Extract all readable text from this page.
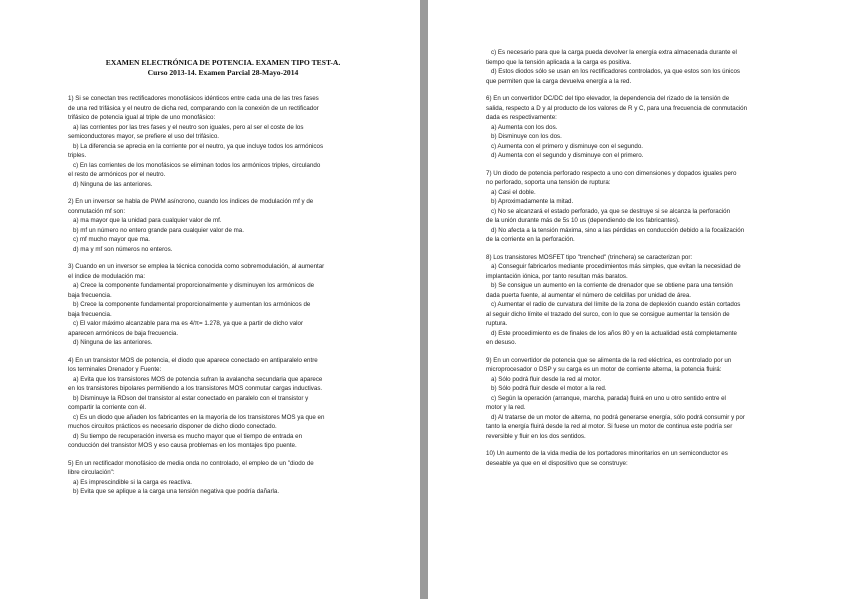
EXAMEN ELECTRÓNICA DE POTENCIA. EXAMEN TIPO TEST-A.
Curso 2013-14. Examen Parcial 28-Mayo-2014

1) Si se conectan tres rectificadores monofásicos idénticos entre cada una de las tres fases

de una red trifásica y el neutro de dicha red, comparando con la conexión de un rectificador

trifásico de potencia igual al triple de uno monofásico:

a) las corrientes por las tres fases y el neutro son iguales, pero al ser el coste de los

semiconductores mayor, se prefiere el uso del trifásico.

b) La diferencia se aprecia en la corriente por el neutro, ya que incluye todos los armónicos

triples.

c) En las corrientes de los monofásicos se eliminan todos los armónicos triples, circulando

el resto de armónicos por el neutro.

d) Ninguna de las anteriores.

2) En un inversor se habla de PWM asíncrono, cuando los índices de modulación mf y de

conmutación mf son:

a) ma mayor que la unidad para cualquier valor de mf.

b) mf un número no entero grande para cualquier valor de ma.

c) mf mucho mayor que ma.

d) ma y mf son números no enteros.

3) Cuando en un inversor se emplea la técnica conocida como sobremodulación, al aumentar

el índice de modulación ma:

a) Crece la componente fundamental proporcionalmente y disminuyen los armónicos de

baja frecuencia.

b) Crece la componente fundamental proporcionalmente y aumentan los armónicos de

baja frecuencia.

c) El valor máximo alcanzable para ma es 4/π= 1.278, ya que a partir de dicho valor

aparecen armónicos de baja frecuencia.

d) Ninguna de las anteriores.

4) En un transistor MOS de potencia, el diodo que aparece conectado en antiparalelo entre

los terminales Drenador y Fuente:

a) Evita que los transistores MOS de potencia sufran la avalancha secundaria que aparece

en los transistores bipolares permitiendo a los transistores MOS conmutar cargas inductivas.

b) Disminuye la RDson del transistor al estar conectado en paralelo con el transistor y

compartir la corriente con él.

c) Es un diodo que añaden los fabricantes en la mayoría de los transistores MOS ya que en

muchos circuitos prácticos es necesario disponer de dicho diodo conectado.

d) Su tiempo de recuperación inversa es mucho mayor que el tiempo de entrada en

conducción del transistor MOS y eso causa problemas en los montajes tipo puente.

5) En un rectificador monofásico de media onda no controlado, el empleo de un "diodo de

libre circulación":

a) Es imprescindible si la carga es reactiva.

b) Evita que se aplique a la carga una tensión negativa que podría dañarla.

c) Es necesario para que la carga pueda devolver la energía extra almacenada durante el

tiempo que la tensión aplicada a la carga es positiva.

d) Estos diodos sólo se usan en los rectificadores controlados, ya que estos son los únicos

que permiten que la carga devuelva energía a la red.

6) En un convertidor DC/DC del tipo elevador, la dependencia del rizado de la tensión de

salida, respecto a D y al producto de los valores de R y C, para una frecuencia de conmutación

dada es respectivamente:

a) Aumenta con los dos.

b) Disminuye con los dos.

c) Aumenta con el primero y disminuye con el segundo.

d) Aumenta con el segundo y disminuye con el primero.

7) Un diodo de potencia perforado respecto a uno con dimensiones y dopados iguales pero

no perforado, soporta una tensión de ruptura:

a) Casi el doble.

b) Aproximadamente la mitad.

c) No se alcanzará el estado perforado, ya que se destruye si se alcanza la perforación

de la unión durante más de 5s 10 us (dependiendo de los fabricantes).

d) No afecta a la tensión máxima, sino a las pérdidas en conducción debido a la focalización

de la corriente en la perforación.

8) Los transistores MOSFET tipo "trenched" (trinchera) se caracterizan por:

a) Conseguir fabricarlos mediante procedimientos más simples, que evitan la necesidad de

implantación iónica, por tanto resultan más baratos.

b) Se consigue un aumento en la corriente de drenador que se obtiene para una tensión

dada puerta fuente, al aumentar el número de celdillas por unidad de área.

c) Aumentar el radio de curvatura del límite de la zona de deplexión cuando están cortados

al seguir dicho límite el trazado del surco, con lo que se consigue aumentar la tensión de

ruptura.

d) Este procedimiento es de finales de los años 80 y en la actualidad está completamente

en desuso.

9) En un convertidor de potencia que se alimenta de la red eléctrica, es controlado por un

microprocesador o DSP y su carga es un motor de corriente alterna, la potencia fluirá:

a) Sólo podrá fluir desde la red al motor.

b) Sólo podrá fluir desde el motor a la red.

c) Según la operación (arranque, marcha, parada) fluirá en uno u otro sentido entre el

motor y la red.

d) Al tratarse de un motor de alterna, no podrá generarse energía, sólo podrá consumir y por

tanto la energía fluirá desde la red al motor. Si fuese un motor de continua este podría ser

reversible y fluir en los dos sentidos.

10) Un aumento de la vida media de los portadores minoritarios en un semiconductor es

deseable ya que en el dispositivo que se construye:
